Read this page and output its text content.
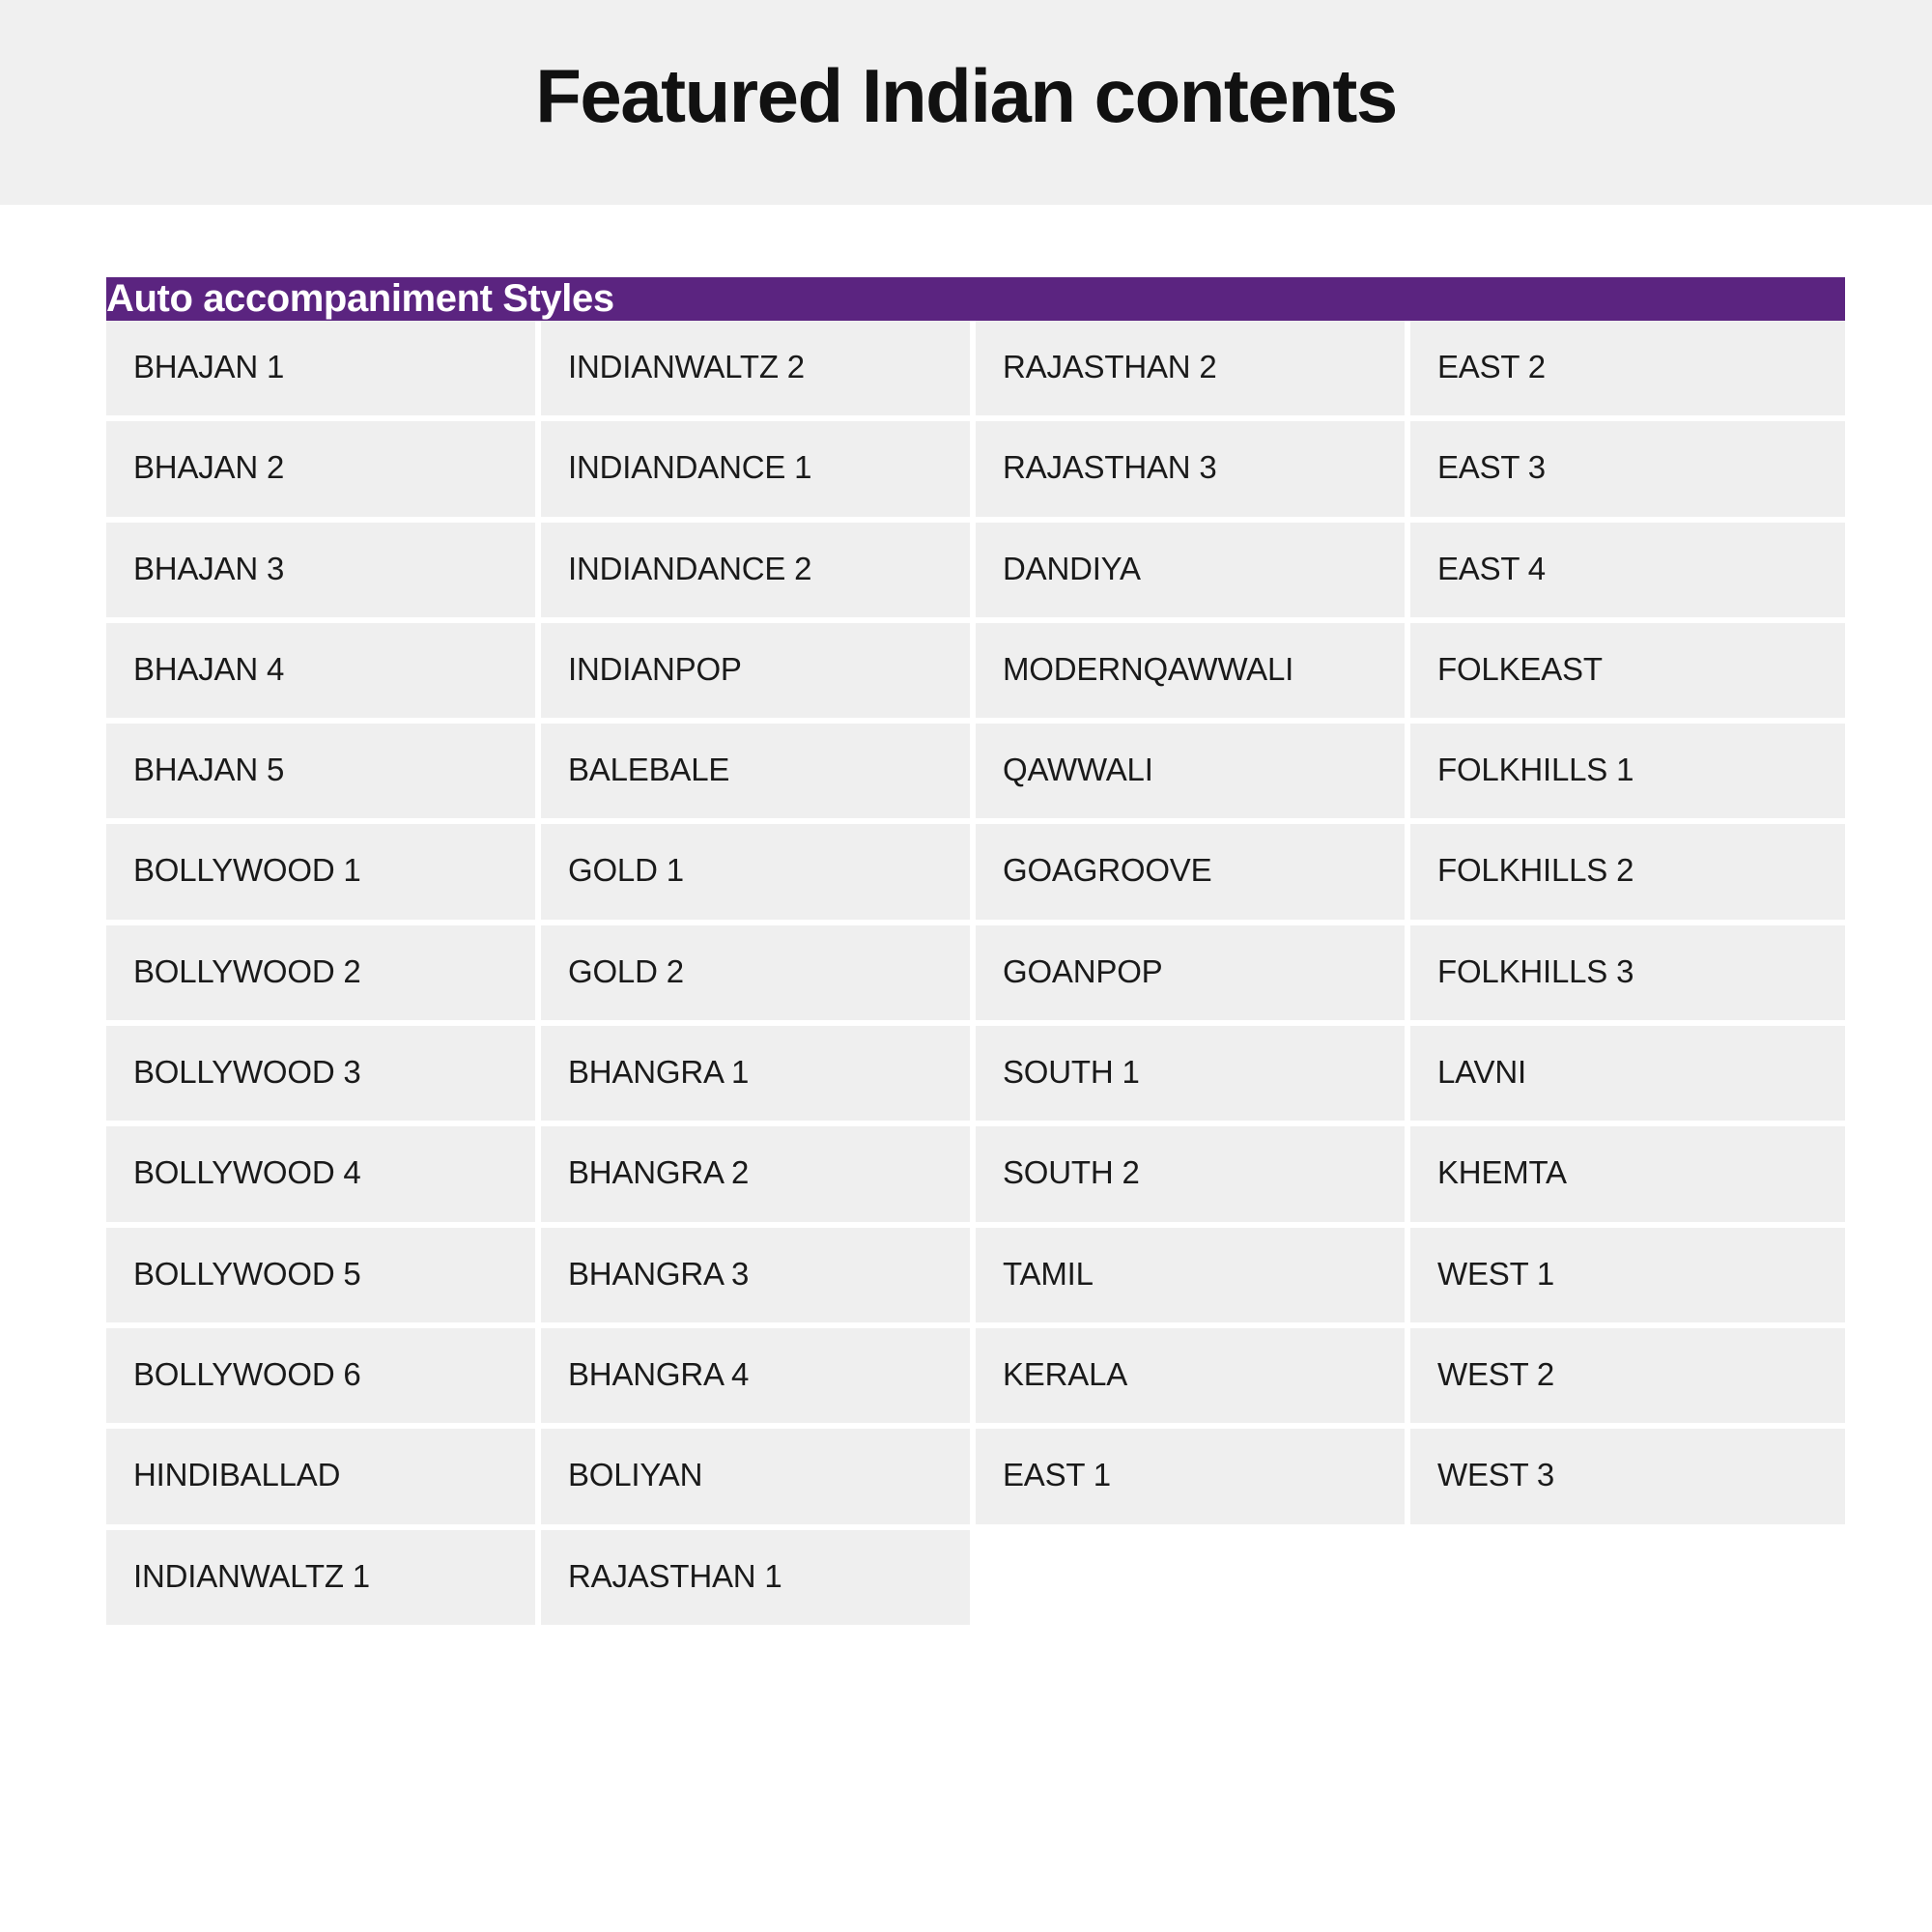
Featured Indian contents
Auto accompaniment Styles			
BHAJAN 1	INDIANWALTZ 2	RAJASTHAN 2	EAST 2
BHAJAN 2	INDIANDANCE 1	RAJASTHAN 3	EAST 3
BHAJAN 3	INDIANDANCE 2	DANDIYA	EAST 4
BHAJAN 4	INDIANPOP	MODERNQAWWALI	FOLKEAST
BHAJAN 5	BALEBALE	QAWWALI	FOLKHILLS 1
BOLLYWOOD 1	GOLD 1	GOAGROOVE	FOLKHILLS 2
BOLLYWOOD 2	GOLD 2	GOANPOP	FOLKHILLS 3
BOLLYWOOD 3	BHANGRA 1	SOUTH 1	LAVNI
BOLLYWOOD 4	BHANGRA 2	SOUTH 2	KHEMTA
BOLLYWOOD 5	BHANGRA 3	TAMIL	WEST 1
BOLLYWOOD 6	BHANGRA 4	KERALA	WEST 2
HINDIBALLAD	BOLIYAN	EAST 1	WEST 3
INDIANWALTZ 1	RAJASTHAN 1		
